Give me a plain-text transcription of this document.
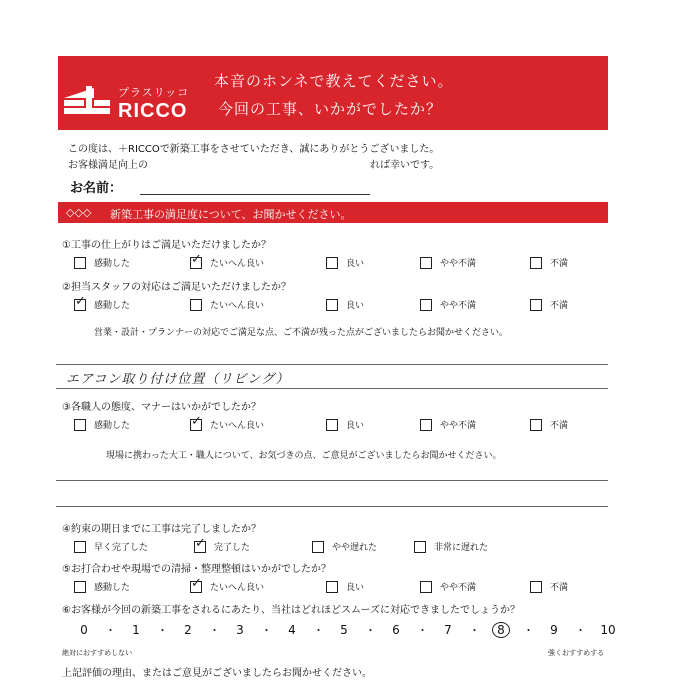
プラスリッコ
RICCO
本音のホンネで教えてください。
今回の工事、いかがでしたか？
この度は、＋RICCOで新築工事をさせていただき、誠にありがとうございました。
お客様満足向上の	れば幸いです。
お名前：
◇◇◇ 新築工事の満足度について、お聞かせください。
①工事の仕上がりはご満足いただけましたか？
感動した ✓	たいへん良い	良い	やや不満	不満
②担当スタッフの対応はご満足いただけましたか？
✓
感動した	たいへん良い	良い	やや不満	不満
営業・設計・プランナーの対応でご満足な点、ご不満が残った点がございましたらお聞かせください。
エアコン取り付け位置（リビング）
③各職人の態度、マナーはいかがでしたか？
感動した ✓	たいへん良い	良い	やや不満	不満
現場に携わった大工・職人について、お気づきの点、ご意見がございましたらお聞かせください。
④約束の期日までに工事は完了しましたか？
早く完了した ✓	完了した	やや遅れた	非常に遅れた
⑤お打合わせや現場での清掃・整理整頓はいかがでしたか？
感動した ✓	たいへん良い	良い	やや不満	不満
⑥お客様が今回の新築工事をされるにあたり、当社はどれほどスムーズに対応できましたでしょうか？
0	・	1	・	2	・	3	・	4	・	5	・	6	・	7	・	8	・	9	・ 10
絶対におすすめしない	強くおすすめする
上記評価の理由、またはご意見がございましたらお聞かせください。
